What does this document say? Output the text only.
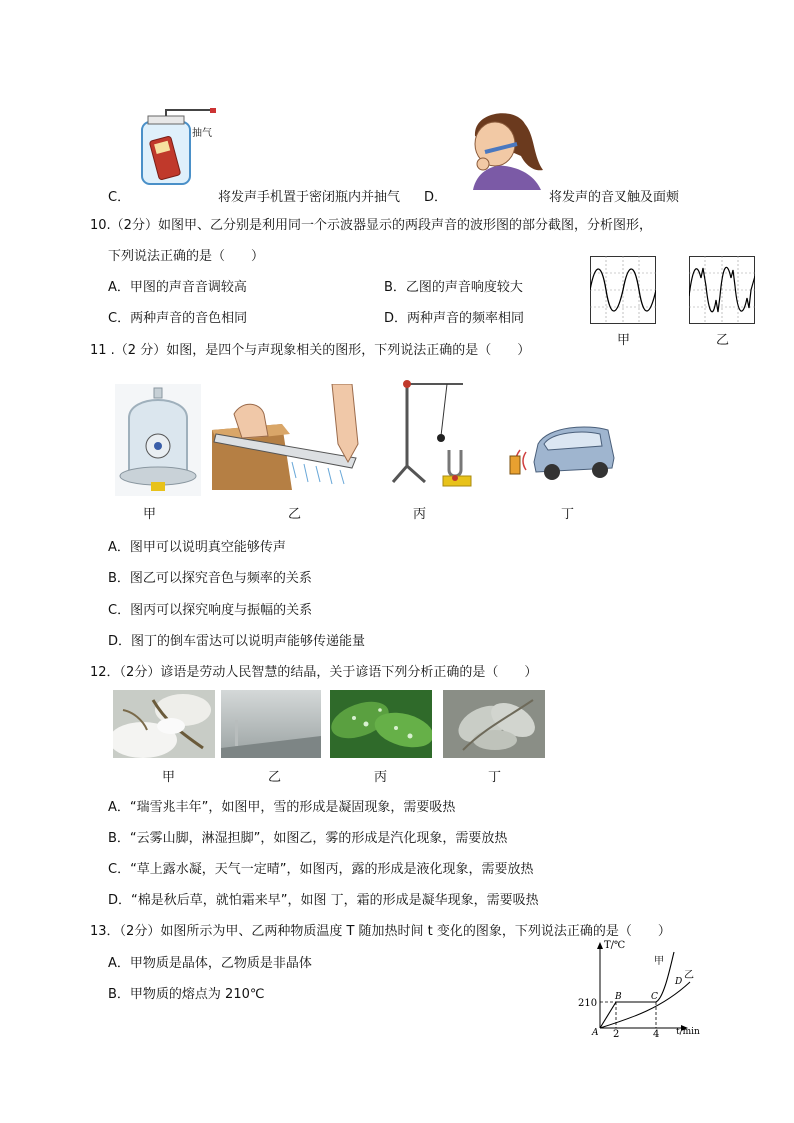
抽气
C．	将发声手机置于密闭瓶内并抽气 D．	将发声的音叉触及面颊
10.（2分）如图甲、乙分别是利用同一个示波器显示的两段声音的波形图的部分截图，分析图形，
下列说法正确的是（　　）
A．甲图的声音音调较高	B．乙图的声音响度较大
C．两种声音的音色相同	D．两种声音的频率相同
甲	乙
11 .（2 分）如图，是四个与声现象相关的图形，下列说法正确的是（　　）
甲	乙	丙	丁
A．图甲可以说明真空能够传声
B．图乙可以探究音色与频率的关系
C．图丙可以探究响度与振幅的关系
D．图丁的倒车雷达可以说明声能够传递能量
12．（2分）谚语是劳动人民智慧的结晶，关于谚语下列分析正确的是（　　）
甲	乙	丙	丁
A．“瑞雪兆丰年”，如图甲，雪的形成是凝固现象，需要吸热
B．“云雾山脚，淋湿担脚”，如图乙，雾的形成是汽化现象，需要放热
C．“草上露水凝，天气一定晴”，如图丙，露的形成是液化现象，需要放热
D．“棉是秋后草，就怕霜来早”，如图 丁，霜的形成是凝华现象，需要吸热
13．（2分）如图所示为甲、乙两种物质温度 T 随加热时间 t 变化的图象，下列说法正确的是（　　）
A．甲物质是晶体，乙物质是非晶体
B．甲物质的熔点为 210℃
T/℃
t/min
210
2	4
A
B	C
D
甲
乙
